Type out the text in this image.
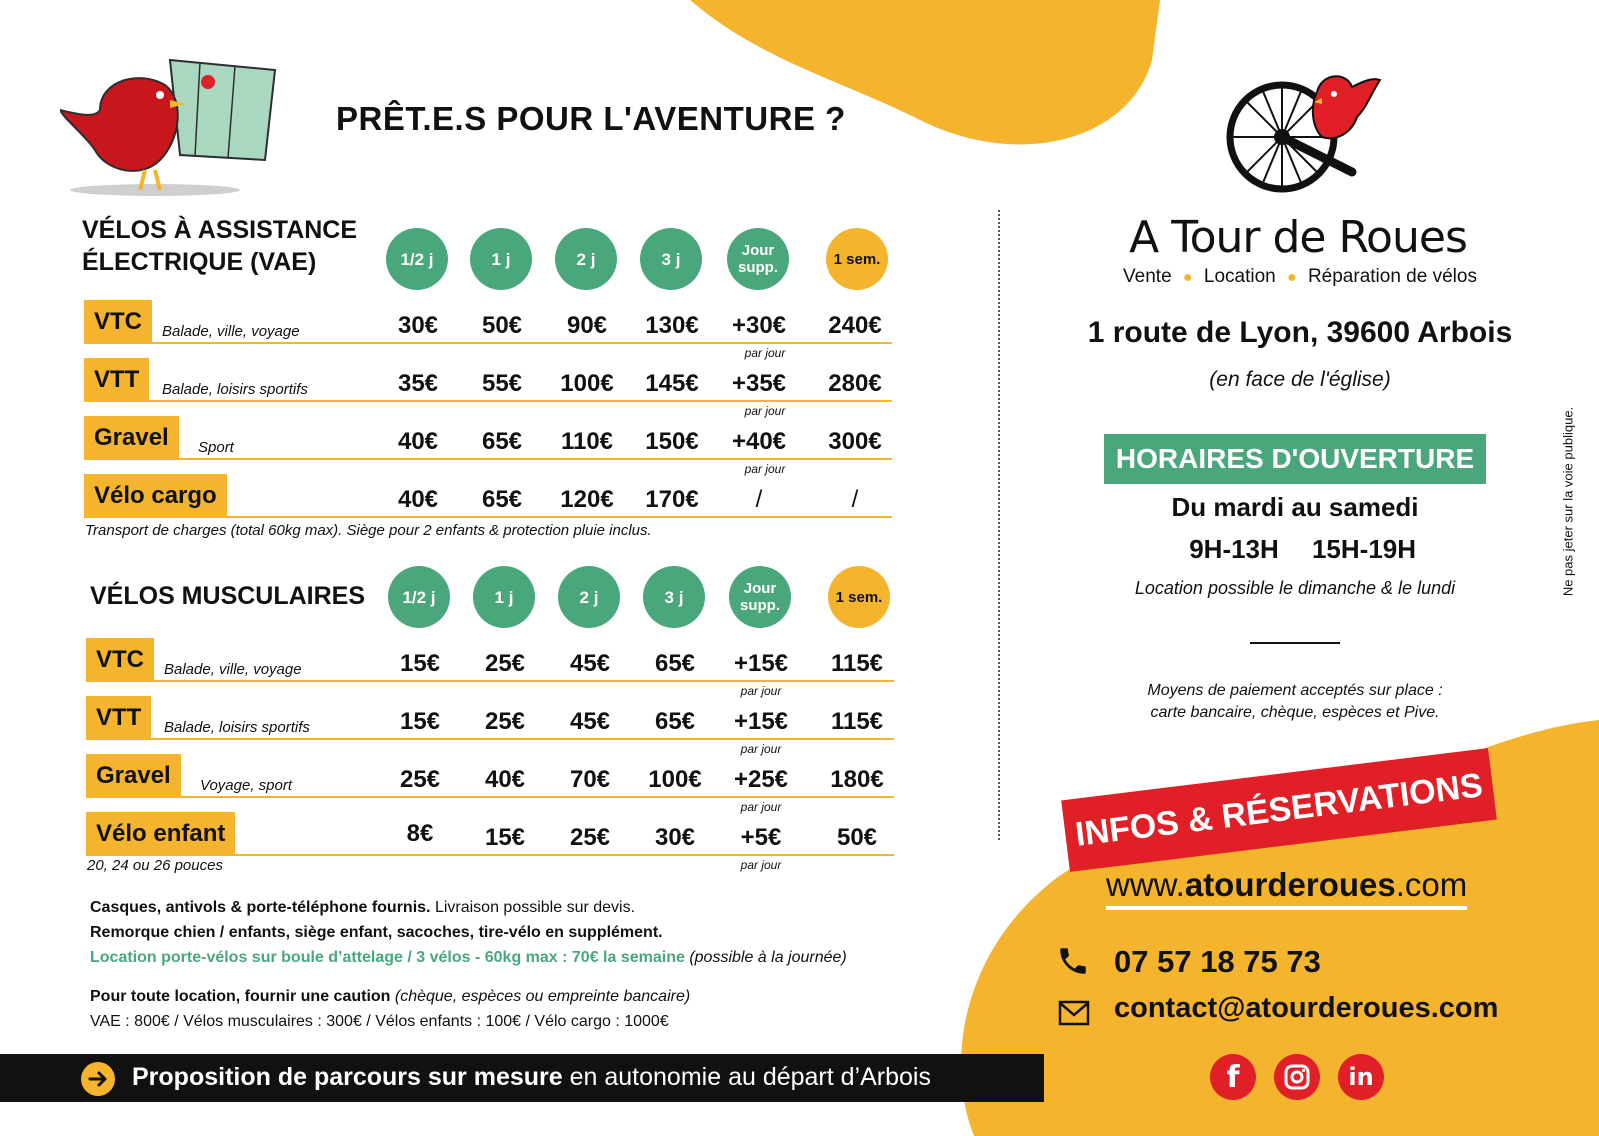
PRÊT.E.S POUR L'AVENTURE ?
VÉLOS À ASSISTANCE
ÉLECTRIQUE (VAE)	1/2 j	1 j	2 j	3 j	Jour
supp.	1 sem.
VTC	Balade, ville, voyage	30€	50€	90€	130€	+30€	240€
par jour
VTT	Balade, loisirs sportifs	35€	55€	100€	145€	+35€	280€
par jour
Gravel	Sport	40€	65€	110€	150€	+40€	300€
par jour
Vélo cargo	40€	65€	120€	170€	/	/
Transport de charges (total 60kg max). Siège pour 2 enfants & protection pluie inclus.
VÉLOS MUSCULAIRES	1/2 j	1 j	2 j	3 j	Jour
supp.	1 sem.
VTC	Balade, ville, voyage	15€	25€	45€	65€	+15€	115€
par jour
VTT	Balade, loisirs sportifs	15€	25€	45€	65€	+15€	115€
par jour
Gravel	Voyage, sport	25€	40€	70€	100€	+25€	180€
par jour
Vélo enfant	8€	15€	25€	30€	+5€	50€
par jour
20, 24 ou 26 pouces
Casques, antivols & porte-téléphone fournis. Livraison possible sur devis.
Remorque chien / enfants, siège enfant, sacoches, tire-vélo en supplément.
Location porte-vélos sur boule d’attelage / 3 vélos - 60kg max : 70€ la semaine (possible à la journée)
Pour toute location, fournir une caution (chèque, espèces ou empreinte bancaire)
VAE : 800€ / Vélos musculaires : 300€ / Vélos enfants : 100€ / Vélo cargo : 1000€
Proposition de parcours sur mesure en autonomie au départ d’Arbois
A Tour de Roues
Vente ● Location ● Réparation de vélos
1 route de Lyon, 39600 Arbois
(en face de l'église)
HORAIRES D'OUVERTURE
Du mardi au samedi
9H-13H	15H-19H
Location possible le dimanche & le lundi
Moyens de paiement acceptés sur place :
carte bancaire, chèque, espèces et Pive.
INFOS & RÉSERVATIONS
www.atourderoues.com
07 57 18 75 73
contact@atourderoues.com
f	in
Ne pas jeter sur la voie publique.
